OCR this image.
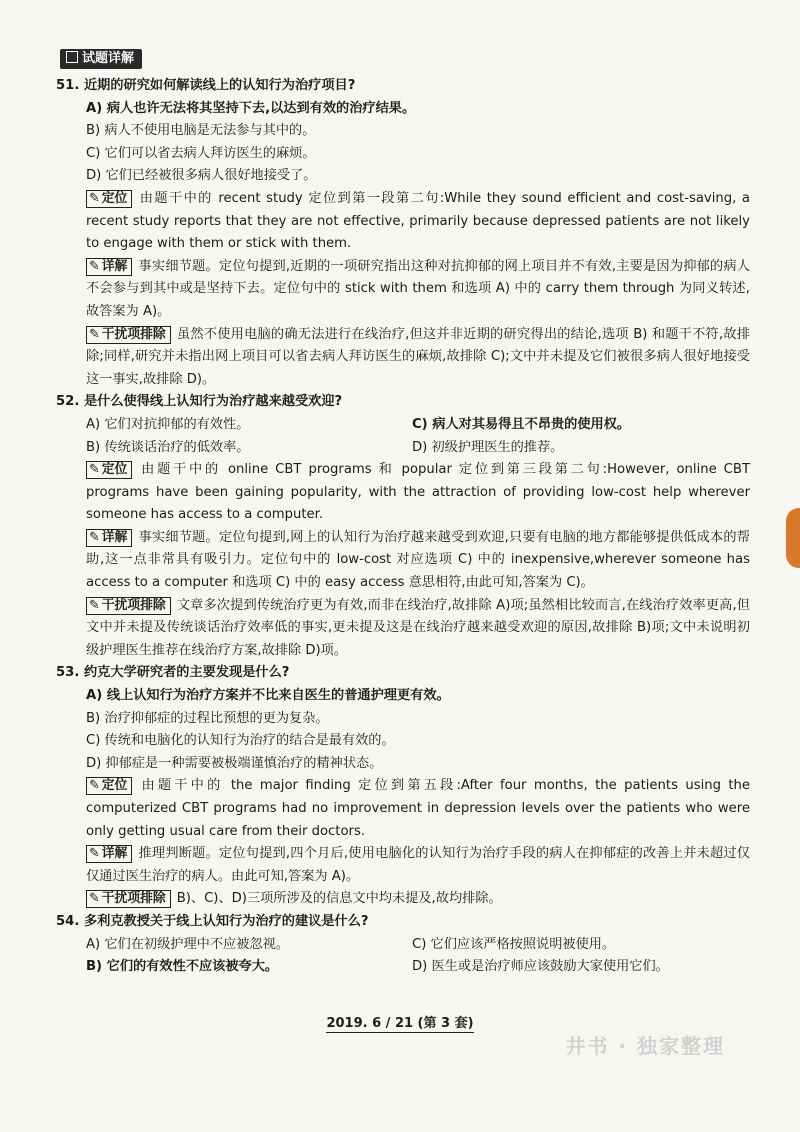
试题详解
51. 近期的研究如何解读线上的认知行为治疗项目?
A) 病人也许无法将其坚持下去,以达到有效的治疗结果。
B) 病人不使用电脑是无法参与其中的。
C) 它们可以省去病人拜访医生的麻烦。
D) 它们已经被很多病人很好地接受了。
✎ 定位 由题干中的 recent study 定位到第一段第二句:While they sound efficient and cost-saving, a recent study reports that they are not effective, primarily because depressed patients are not likely to engage with them or stick with them.
✎ 详解 事实细节题。定位句提到,近期的一项研究指出这种对抗抑郁的网上项目并不有效,主要是因为抑郁的病人不会参与到其中或是坚持下去。定位句中的 stick with them 和选项 A) 中的 carry them through 为同义转述,故答案为 A)。
✎ 干扰项排除 虽然不使用电脑的确无法进行在线治疗,但这并非近期的研究得出的结论,选项 B) 和题干不符,故排除;同样,研究并未指出网上项目可以省去病人拜访医生的麻烦,故排除 C);文中并未提及它们被很多病人很好地接受这一事实,故排除 D)。
52. 是什么使得线上认知行为治疗越来越受欢迎?
A) 它们对抗抑郁的有效性。	C) 病人对其易得且不昂贵的使用权。
B) 传统谈话治疗的低效率。	D) 初级护理医生的推荐。
✎ 定位 由题干中的 online CBT programs 和 popular 定位到第三段第二句:However, online CBT programs have been gaining popularity, with the attraction of providing low-cost help wherever someone has access to a computer.
✎ 详解 事实细节题。定位句提到,网上的认知行为治疗越来越受到欢迎,只要有电脑的地方都能够提供低成本的帮助,这一点非常具有吸引力。定位句中的 low-cost 对应选项 C) 中的 inexpensive,wherever someone has access to a computer 和选项 C) 中的 easy access 意思相符,由此可知,答案为 C)。
✎ 干扰项排除 文章多次提到传统治疗更为有效,而非在线治疗,故排除 A)项;虽然相比较而言,在线治疗效率更高,但文中并未提及传统谈话治疗效率低的事实,更未提及这是在线治疗越来越受欢迎的原因,故排除 B)项;文中未说明初级护理医生推荐在线治疗方案,故排除 D)项。
53. 约克大学研究者的主要发现是什么?
A) 线上认知行为治疗方案并不比来自医生的普通护理更有效。
B) 治疗抑郁症的过程比预想的更为复杂。
C) 传统和电脑化的认知行为治疗的结合是最有效的。
D) 抑郁症是一种需要被极端谨慎治疗的精神状态。
✎ 定位 由题干中的 the major finding 定位到第五段:After four months, the patients using the computerized CBT programs had no improvement in depression levels over the patients who were only getting usual care from their doctors.
✎ 详解 推理判断题。定位句提到,四个月后,使用电脑化的认知行为治疗手段的病人在抑郁症的改善上并未超过仅仅通过医生治疗的病人。由此可知,答案为 A)。
✎ 干扰项排除 B)、C)、D)三项所涉及的信息文中均未提及,故均排除。
54. 多利克教授关于线上认知行为治疗的建议是什么?
A) 它们在初级护理中不应被忽视。	C) 它们应该严格按照说明被使用。
B) 它们的有效性不应该被夸大。	D) 医生或是治疗师应该鼓励大家使用它们。
2019. 6 / 21 (第 3 套)
井书 · 独家整理
